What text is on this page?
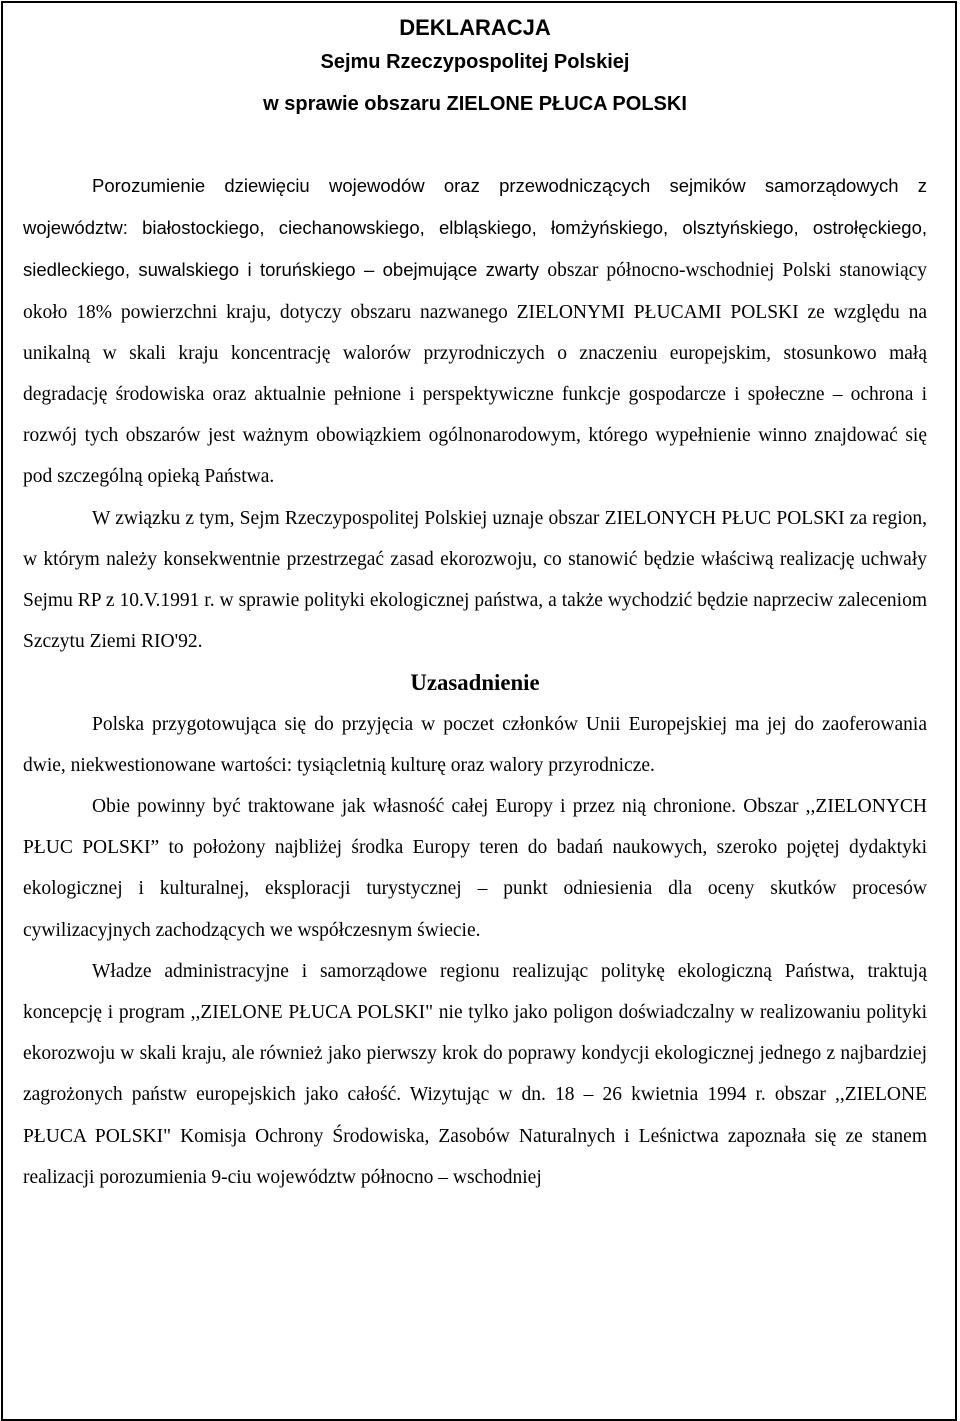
DEKLARACJA
Sejmu Rzeczypospolitej Polskiej
w sprawie obszaru ZIELONE PŁUCA POLSKI

Porozumienie dziewięciu wojewodów oraz przewodniczących sejmików samorządowych z województw: białostockiego, ciechanowskiego, elbląskiego, łomżyńskiego, olsztyńskiego, ostrołęckiego, siedleckiego, suwalskiego i toruńskiego – obejmujące zwarty obszar północno-wschodniej Polski stanowiący około 18% powierzchni kraju, dotyczy obszaru nazwanego ZIELONYMI PŁUCAMI POLSKI ze względu na unikalną w skali kraju koncentrację walorów przyrodniczych o znaczeniu europejskim, stosunkowo małą degradację środowiska oraz aktualnie pełnione i perspektywiczne funkcje gospodarcze i społeczne – ochrona i rozwój tych obszarów jest ważnym obowiązkiem ogólnonarodowym, którego wypełnienie winno znajdować się pod szczególną opieką Państwa.

W związku z tym, Sejm Rzeczypospolitej Polskiej uznaje obszar ZIELONYCH PŁUC POLSKI za region, w którym należy konsekwentnie przestrzegać zasad ekorozwoju, co stanowić będzie właściwą realizację uchwały Sejmu RP z 10.V.1991 r. w sprawie polityki ekologicznej państwa, a także wychodzić będzie naprzeciw zaleceniom Szczytu Ziemi RIO'92.

Uzasadnienie

Polska przygotowująca się do przyjęcia w poczet członków Unii Europejskiej ma jej do zaoferowania dwie, niekwestionowane wartości: tysiącletnią kulturę oraz walory przyrodnicze.

Obie powinny być traktowane jak własność całej Europy i przez nią chronione. Obszar ,,ZIELONYCH PŁUC POLSKI” to położony najbliżej środka Europy teren do badań naukowych, szeroko pojętej dydaktyki ekologicznej i kulturalnej, eksploracji turystycznej – punkt odniesienia dla oceny skutków procesów cywilizacyjnych zachodzących we współczesnym świecie.

Władze administracyjne i samorządowe regionu realizując politykę ekologiczną Państwa, traktują koncepcję i program ,,ZIELONE PŁUCA POLSKI" nie tylko jako poligon doświadczalny w realizowaniu polityki ekorozwoju w skali kraju, ale również jako pierwszy krok do poprawy kondycji ekologicznej jednego z najbardziej zagrożonych państw europejskich jako całość. Wizytując w dn. 18 – 26 kwietnia 1994 r. obszar ,,ZIELONE PŁUCA POLSKI" Komisja Ochrony Środowiska, Zasobów Naturalnych i Leśnictwa zapoznała się ze stanem realizacji porozumienia 9-ciu województw północno – wschodniej
